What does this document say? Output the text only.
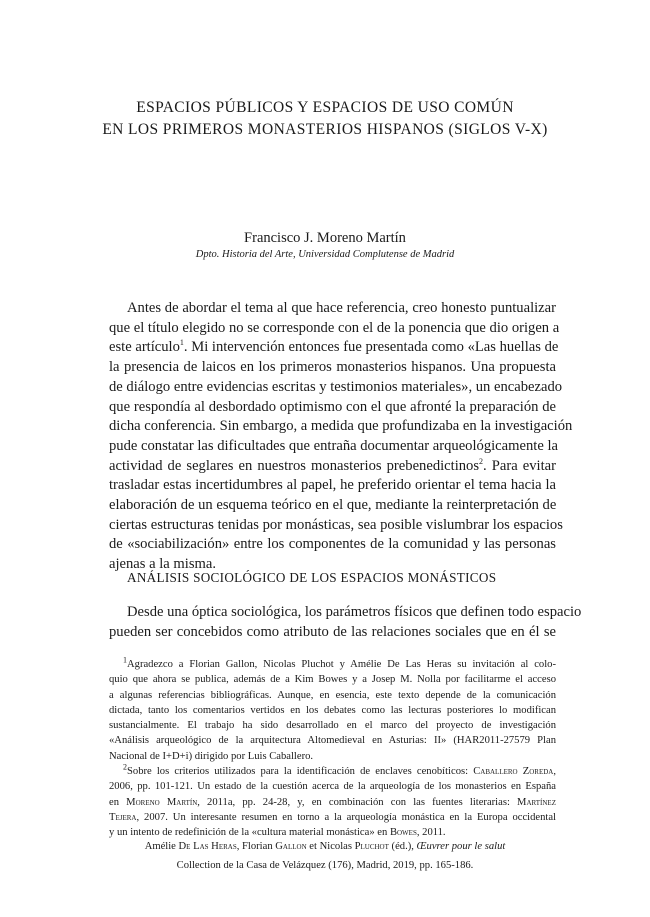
ESPACIOS PÚBLICOS Y ESPACIOS DE USO COMÚN
EN LOS PRIMEROS MONASTERIOS HISPANOS (SIGLOS V-X)
Francisco J. Moreno Martín
Dpto. Historia del Arte, Universidad Complutense de Madrid
Antes de abordar el tema al que hace referencia, creo honesto puntualizar
que el título elegido no se corresponde con el de la ponencia que dio origen a
este artículo$^1$. Mi intervención entonces fue presentada como «Las huellas de
la presencia de laicos en los primeros monasterios hispanos. Una propuesta
de diálogo entre evidencias escritas y testimonios materiales», un encabezado
que respondía al desbordado optimismo con el que afronté la preparación de
dicha conferencia. Sin embargo, a medida que profundizaba en la investigación
pude constatar las dificultades que entraña documentar arqueológicamente la
actividad de seglares en nuestros monasterios prebenedictinos$^2$. Para evitar
trasladar estas incertidumbres al papel, he preferido orientar el tema hacia la
elaboración de un esquema teórico en el que, mediante la reinterpretación de
ciertas estructuras tenidas por monásticas, sea posible vislumbrar los espacios
de «sociabilización» entre los componentes de la comunidad y las personas
ajenas a la misma.
ANÁLISIS SOCIOLÓGICO DE LOS ESPACIOS MONÁSTICOS
Desde una óptica sociológica, los parámetros físicos que definen todo espacio
pueden ser concebidos como atributo de las relaciones sociales que en él se
$^1$Agradezco a Florian Gallon, Nicolas Pluchot y Amélie De Las Heras su invitación al colo-
quio que ahora se publica, además de a Kim Bowes y a Josep M. Nolla por facilitarme el acceso
a algunas referencias bibliográficas. Aunque, en esencia, este texto depende de la comunicación
dictada, tanto los comentarios vertidos en los debates como las lecturas posteriores lo modifican
sustancialmente. El trabajo ha sido desarrollado en el marco del proyecto de investigación
«Análisis arqueológico de la arquitectura Altomedieval en Asturias: II» (HAR2011-27579 Plan
Nacional de I+D+i) dirigido por Luis Caballero.
$^2$Sobre los criterios utilizados para la identificación de enclaves cenobíticos: Caballero Zoreda,
2006, pp. 101-121. Un estado de la cuestión acerca de la arqueología de los monasterios en España
en Moreno Martín, 2011a, pp. 24-28, y, en combinación con las fuentes literarias: Martínez
Tejera, 2007. Un interesante resumen en torno a la arqueología monástica en la Europa occidental
y un intento de redefinición de la «cultura material monástica» en Bowes, 2011.
Amélie De Las Heras, Florian Gallon et Nicolas Pluchot (éd.), Œuvrer pour le salut
Collection de la Casa de Velázquez (176), Madrid, 2019, pp. 165-186.
